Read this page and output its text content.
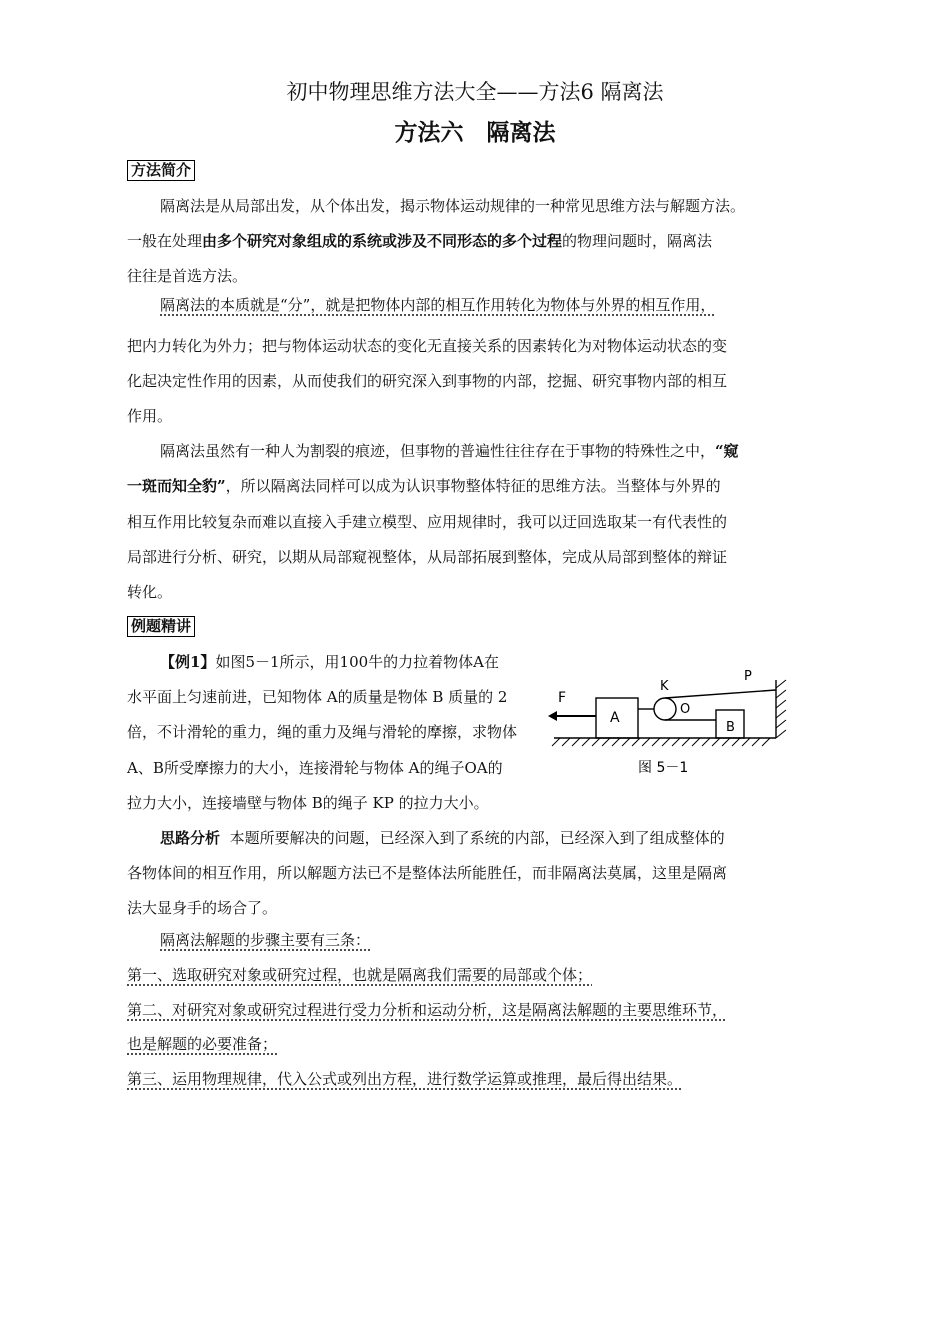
初中物理思维方法大全——方法6 隔离法
方法六　隔离法
方法简介
隔离法是从局部出发，从个体出发，揭示物体运动规律的一种常见思维方法与解题方法。
一般在处理由多个研究对象组成的系统或涉及不同形态的多个过程的物理问题时，隔离法
往往是首选方法。
隔离法的本质就是“分”，就是把物体内部的相互作用转化为物体与外界的相互作用，
把内力转化为外力；把与物体运动状态的变化无直接关系的因素转化为对物体运动状态的变
化起决定性作用的因素，从而使我们的研究深入到事物的内部，挖掘、研究事物内部的相互
作用。
隔离法虽然有一种人为割裂的痕迹，但事物的普遍性往往存在于事物的特殊性之中，“窥
一斑而知全豹”，所以隔离法同样可以成为认识事物整体特征的思维方法。当整体与外界的
相互作用比较复杂而难以直接入手建立模型、应用规律时，我可以迂回选取某一有代表性的
局部进行分析、研究，以期从局部窥视整体，从局部拓展到整体，完成从局部到整体的辩证
转化。
例题精讲
【例1】如图5－1所示，用100牛的力拉着物体A在
水平面上匀速前进，已知物体 A的质量是物体 B 质量的 2
倍，不计滑轮的重力，绳的重力及绳与滑轮的摩擦，求物体
A、B所受摩擦力的大小，连接滑轮与物体 A的绳子OA的
拉力大小，连接墙壁与物体 B的绳子 KP 的拉力大小。
F
A
B
K
O
P
图 5－1
思路分析 本题所要解决的问题，已经深入到了系统的内部，已经深入到了组成整体的
各物体间的相互作用，所以解题方法已不是整体法所能胜任，而非隔离法莫属，这里是隔离
法大显身手的场合了。
隔离法解题的步骤主要有三条：
第一、选取研究对象或研究过程，也就是隔离我们需要的局部或个体；
第二、对研究对象或研究过程进行受力分析和运动分析，这是隔离法解题的主要思维环节，
也是解题的必要准备；
第三、运用物理规律，代入公式或列出方程，进行数学运算或推理，最后得出结果。
